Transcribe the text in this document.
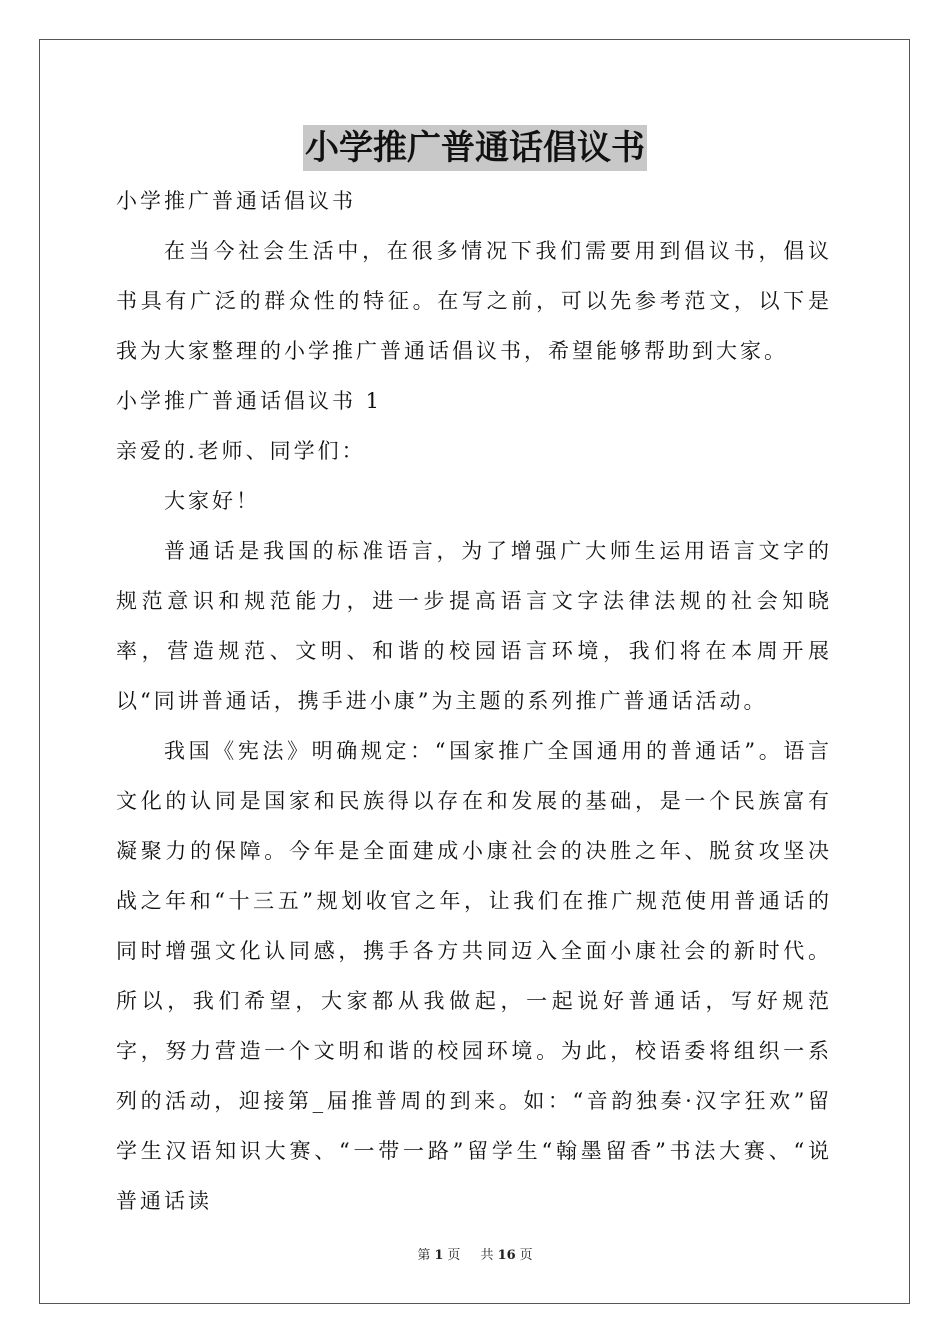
小学推广普通话倡议书

小学推广普通话倡议书

在当今社会生活中，在很多情况下我们需要用到倡议书，倡议书具有广泛的群众性的特征。在写之前，可以先参考范文，以下是我为大家整理的小学推广普通话倡议书，希望能够帮助到大家。

小学推广普通话倡议书 1

亲爱的.老师、同学们：

大家好！

普通话是我国的标准语言，为了增强广大师生运用语言文字的规范意识和规范能力，进一步提高语言文字法律法规的社会知晓率，营造规范、文明、和谐的校园语言环境，我们将在本周开展以“同讲普通话，携手进小康”为主题的系列推广普通话活动。

我国《宪法》明确规定：“国家推广全国通用的普通话”。语言文化的认同是国家和民族得以存在和发展的基础，是一个民族富有凝聚力的保障。今年是全面建成小康社会的决胜之年、脱贫攻坚决战之年和“十三五”规划收官之年，让我们在推广规范使用普通话的同时增强文化认同感，携手各方共同迈入全面小康社会的新时代。所以，我们希望，大家都从我做起，一起说好普通话，写好规范字，努力营造一个文明和谐的校园环境。为此，校语委将组织一系列的活动，迎接第_届推普周的到来。如：“音韵独奏·汉字狂欢”留学生汉语知识大赛、“一带一路”留学生“翰墨留香”书法大赛、“说普通话读

第 1 页 共 16 页
